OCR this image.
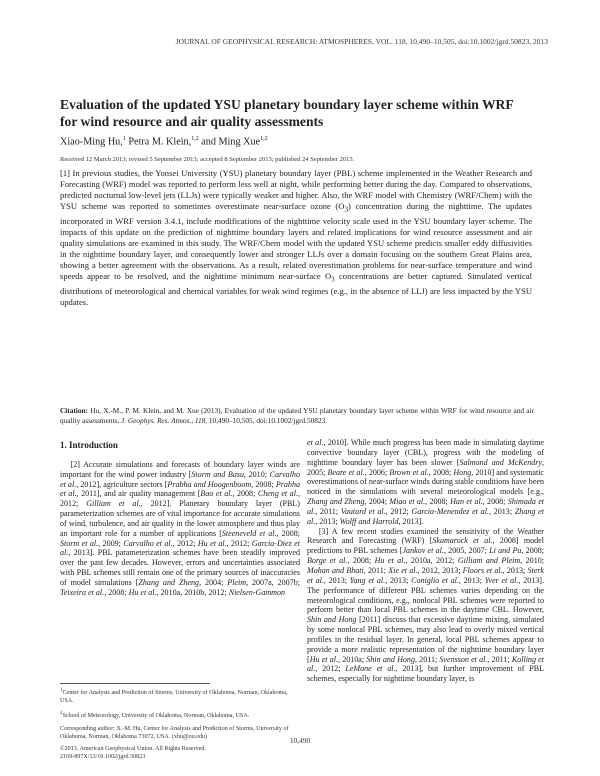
JOURNAL OF GEOPHYSICAL RESEARCH: ATMOSPHERES, VOL. 118, 10,490–10,505, doi:10.1002/jgrd.50823, 2013
Evaluation of the updated YSU planetary boundary layer scheme within WRF for wind resource and air quality assessments
Xiao-Ming Hu,$^1$ Petra M. Klein,$^{1,2}$ and Ming Xue$^{1,2}$
Received 12 March 2013; revised 5 September 2013; accepted 8 September 2013; published 24 September 2013.

[1] In previous studies, the Yonsei University (YSU) planetary boundary layer (PBL) scheme implemented in the Weather Research and Forecasting (WRF) model was reported to perform less well at night, while performing better during the day. Compared to observations, predicted nocturnal low-level jets (LLJs) were typically weaker and higher. Also, the WRF model with Chemistry (WRF/Chem) with the YSU scheme was reported to sometimes overestimate near-surface ozone $(O_3)$ concentration during the nighttime. The updates incorporated in WRF version 3.4.1, include modifications of the nighttime velocity scale used in the YSU boundary layer scheme. The impacts of this update on the prediction of nighttime boundary layers and related implications for wind resource assessment and air quality simulations are examined in this study. The WRF/Chem model with the updated YSU scheme predicts smaller eddy diffusivities in the nighttime boundary layer, and consequently lower and stronger LLJs over a domain focusing on the southern Great Plains area, showing a better agreement with the observations. As a result, related overestimation problems for near-surface temperature and wind speeds appear to be resolved, and the nighttime minimum near-surface $O_3$ concentrations are better captured. Simulated vertical distributions of meteorological and chemical variables for weak wind regimes (e.g., in the absence of LLJ) are less impacted by the YSU updates.

Citation: Hu, X.-M., P. M. Klein, and M. Xue (2013), Evaluation of the updated YSU planetary boundary layer scheme within WRF for wind resource and air quality assessments, J. Geophys. Res. Atmos., 118, 10,490–10,505, doi:10.1002/jgrd.50823.

1. Introduction

[2] Accurate simulations and forecasts of boundary layer winds are important for the wind power industry [Storm and Basu, 2010; Carvalho et al., 2012], agriculture sectors [Prabha and Hoogenboom, 2008; Prabha et al., 2011], and air quality management [Bao et al., 2008; Cheng et al., 2012; Gilliam et al., 2012]. Planetary boundary layer (PBL) parameterization schemes are of vital importance for accurate simulations of wind, turbulence, and air quality in the lower atmosphere and thus play an important role for a number of applications [Steeneveld et al., 2008; Storm et al., 2009; Carvalho et al., 2012; Hu et al., 2012; Garcia-Diez et al., 2013]. PBL parameterization schemes have been steadily improved over the past few decades. However, errors and uncertainties associated with PBL schemes still remain one of the primary sources of inaccuracies of model simulations [Zhang and Zheng, 2004; Pleim, 2007a, 2007b; Teixeira et al., 2008; Hu et al., 2010a, 2010b, 2012; Nielsen-Gammon

et al., 2010]. While much progress has been made in simulating daytime convective boundary layer (CBL), progress with the modeling of nighttime boundary layer has been slower [Salmond and McKendry, 2005; Beare et al., 2006; Brown et al., 2008; Hong, 2010] and systematic overestimations of near-surface winds during stable conditions have been noticed in the simulations with several meteorological models [e.g., Zhang and Zheng, 2004; Miao et al., 2008; Han et al., 2008; Shimada et al., 2011; Vautard et al., 2012; Garcia-Menendez et al., 2013; Zhang et al., 2013; Wolff and Harrold, 2013].

[3] A few recent studies examined the sensitivity of the Weather Research and Forecasting (WRF) [Skamarock et al., 2008] model predictions to PBL schemes [Jankov et al., 2005, 2007; Li and Pu, 2008; Borge et al., 2008; Hu et al., 2010a, 2012; Gilliam and Pleim, 2010; Mohan and Bhati, 2011; Xie et al., 2012, 2013; Floors et al., 2013; Sterk et al., 2013; Yang et al., 2013; Coniglio et al., 2013; Yver et al., 2013]. The performance of different PBL schemes varies depending on the meteorological conditions, e.g., nonlocal PBL schemes were reported to perform better than local PBL schemes in the daytime CBL. However, Shin and Hong [2011] discuss that excessive daytime mixing, simulated by some nonlocal PBL schemes, may also lead to overly mixed vertical profiles in the residual layer. In general, local PBL schemes appear to provide a more realistic representation of the nighttime boundary layer [Hu et al., 2010a; Shin and Hong, 2011; Svensson et al., 2011; Kolling et al., 2012; LeMone et al., 2013], but further improvement of PBL schemes, especially for nighttime boundary layer, is

$^1$Center for Analysis and Prediction of Storms, University of Oklahoma, Norman, Oklahoma, USA.

$^2$School of Meteorology, University of Oklahoma, Norman, Oklahoma, USA.

Corresponding author: X.-M. Hu, Center for Analysis and Prediction of Storms, University of Oklahoma, Norman, Oklahoma 73072, USA. (xhu@ou.edu)

©2013. American Geophysical Union. All Rights Reserved.
2169-897X/13/10.1002/jgrd.50823

10,490
